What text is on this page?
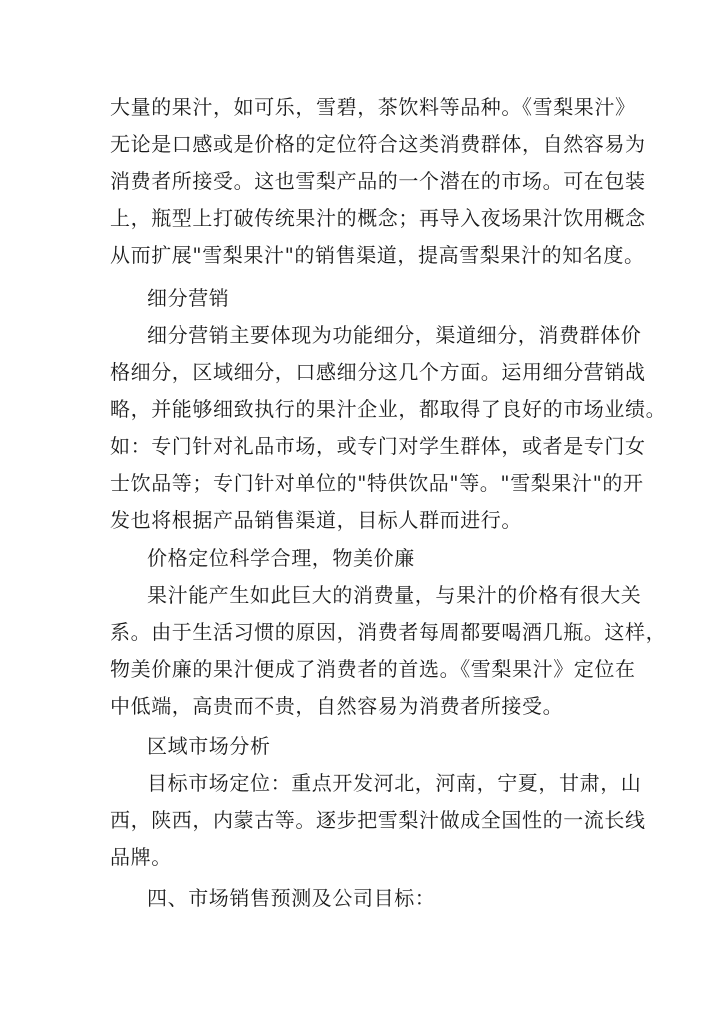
大量的果汁，如可乐，雪碧，茶饮料等品种。《雪梨果汁》
无论是口感或是价格的定位符合这类消费群体，自然容易为
消费者所接受。这也雪梨产品的一个潜在的市场。可在包装
上，瓶型上打破传统果汁的概念；再导入夜场果汁饮用概念
从而扩展"雪梨果汁"的销售渠道，提高雪梨果汁的知名度。
细分营销
细分营销主要体现为功能细分，渠道细分，消费群体价
格细分，区域细分，口感细分这几个方面。运用细分营销战
略，并能够细致执行的果汁企业，都取得了良好的市场业绩。
如：专门针对礼品市场，或专门对学生群体，或者是专门女
士饮品等；专门针对单位的"特供饮品"等。"雪梨果汁"的开
发也将根据产品销售渠道，目标人群而进行。
价格定位科学合理，物美价廉
果汁能产生如此巨大的消费量，与果汁的价格有很大关
系。由于生活习惯的原因，消费者每周都要喝酒几瓶。这样，
物美价廉的果汁便成了消费者的首选。《雪梨果汁》定位在
中低端，高贵而不贵，自然容易为消费者所接受。
区域市场分析
目标市场定位：重点开发河北，河南，宁夏，甘肃，山
西，陕西，内蒙古等。逐步把雪梨汁做成全国性的一流长线
品牌。
四、市场销售预测及公司目标：
